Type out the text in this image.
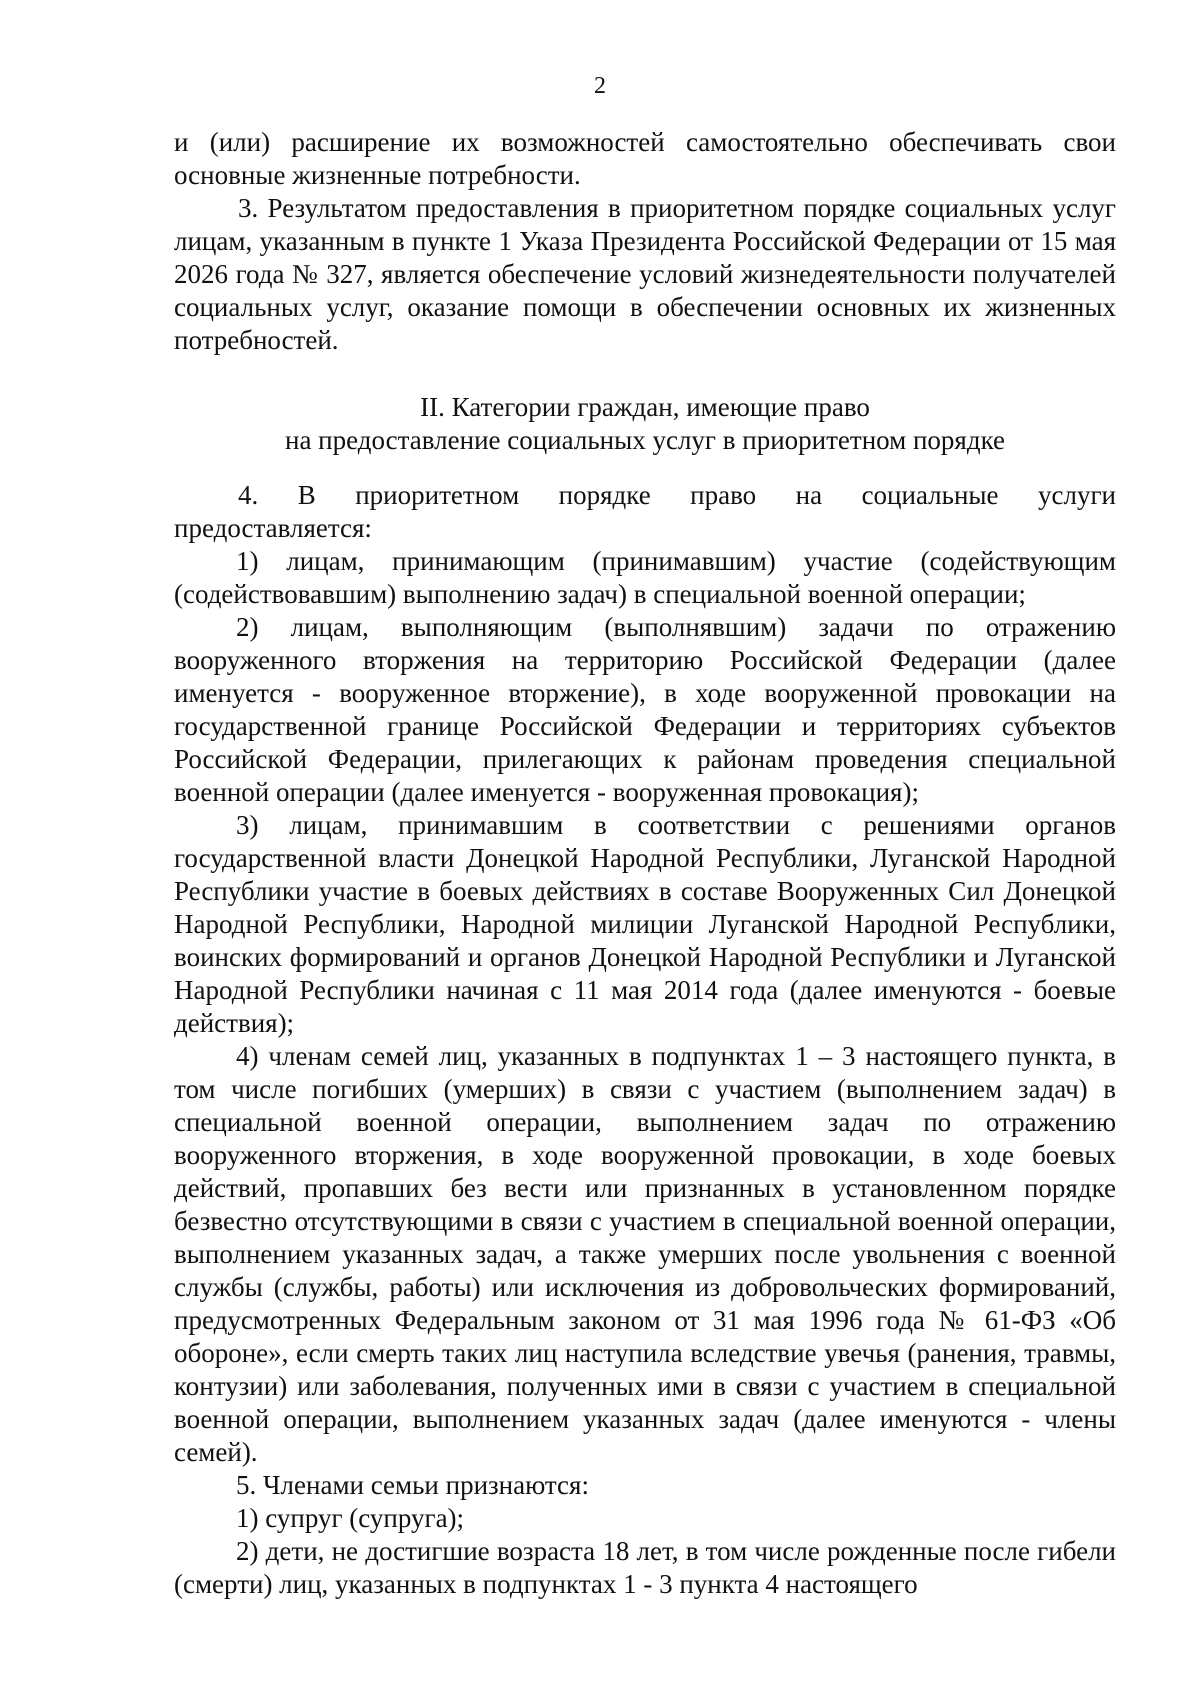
2

и (или) расширение их возможностей самостоятельно обеспечивать свои основные жизненные потребности.

3. Результатом предоставления в приоритетном порядке социальных услуг лицам, указанным в пункте 1 Указа Президента Российской Федерации от 15 мая 2026 года № 327, является обеспечение условий жизнедеятельности получателей социальных услуг, оказание помощи в обеспечении основных их жизненных потребностей.

II. Категории граждан, имеющие право
на предоставление социальных услуг в приоритетном порядке

4. В приоритетном порядке право на социальные услуги

предоставляется:

1) лицам, принимающим (принимавшим) участие (содействующим (содействовавшим) выполнению задач) в специальной военной операции;

2) лицам, выполняющим (выполнявшим) задачи по отражению вооруженного вторжения на территорию Российской Федерации (далее именуется - вооруженное вторжение), в ходе вооруженной провокации на государственной границе Российской Федерации и территориях субъектов Российской Федерации, прилегающих к районам проведения специальной военной операции (далее именуется - вооруженная провокация);

3) лицам, принимавшим в соответствии с решениями органов государственной власти Донецкой Народной Республики, Луганской Народной Республики участие в боевых действиях в составе Вооруженных Сил Донецкой Народной Республики, Народной милиции Луганской Народной Республики, воинских формирований и органов Донецкой Народной Республики и Луганской Народной Республики начиная с 11 мая 2014 года (далее именуются - боевые действия);

4) членам семей лиц, указанных в подпунктах 1 – 3 настоящего пункта, в том числе погибших (умерших) в связи с участием (выполнением задач) в специальной военной операции, выполнением задач по отражению вооруженного вторжения, в ходе вооруженной провокации, в ходе боевых действий, пропавших без вести или признанных в установленном порядке безвестно отсутствующими в связи с участием в специальной военной операции, выполнением указанных задач, а также умерших после увольнения с военной службы (службы, работы) или исключения из добровольческих формирований, предусмотренных Федеральным законом от 31 мая 1996 года № 61-ФЗ «Об обороне», если смерть таких лиц наступила вследствие увечья (ранения, травмы, контузии) или заболевания, полученных ими в связи с участием в специальной военной операции, выполнением указанных задач (далее именуются - члены семей).

5. Членами семьи признаются:

1) супруг (супруга);

2) дети, не достигшие возраста 18 лет, в том числе рожденные после гибели (смерти) лиц, указанных в подпунктах 1 - 3 пункта 4 настоящего
